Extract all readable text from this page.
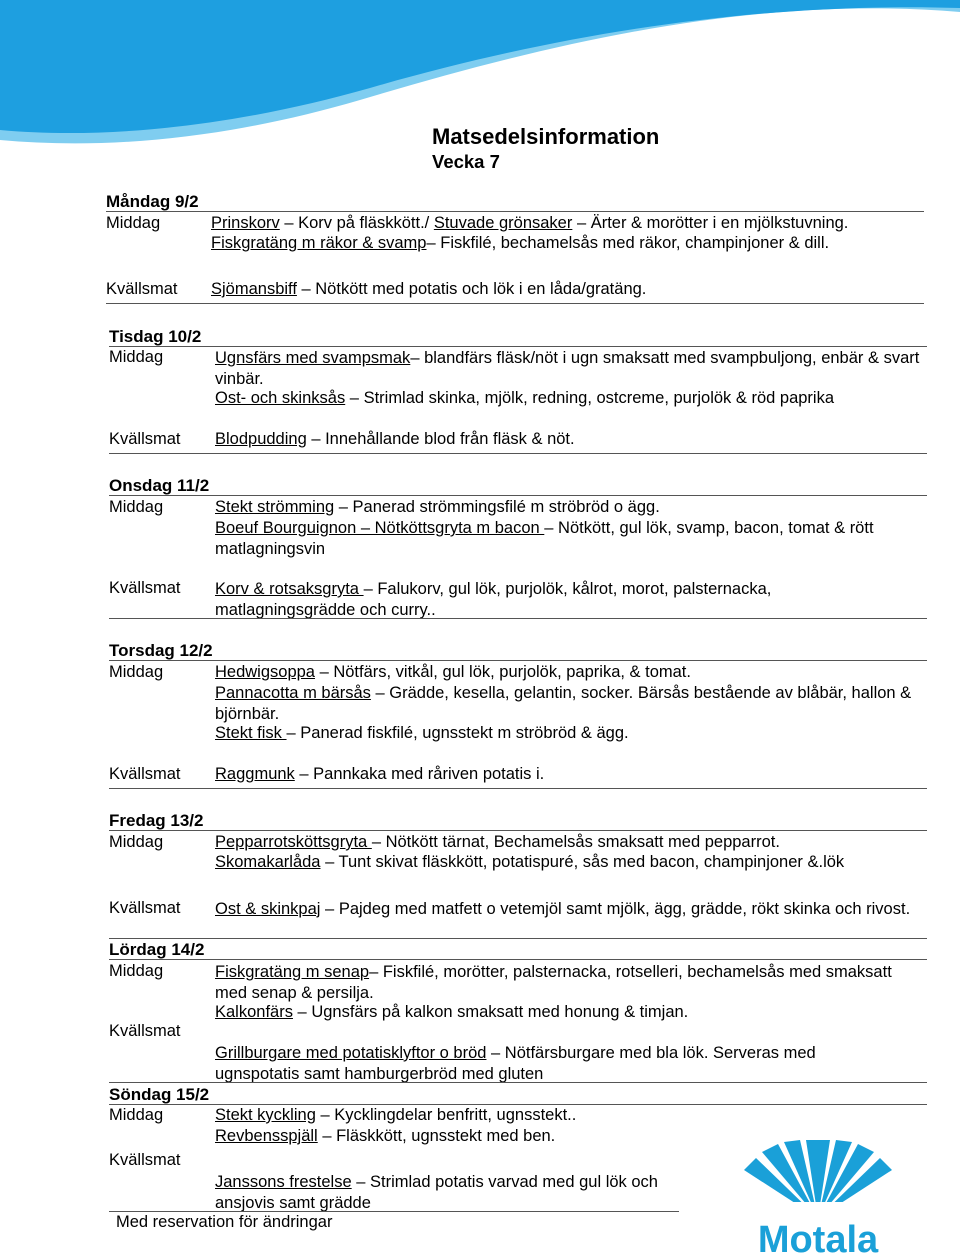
Matsedelsinformation
Vecka 7
Måndag 9/2
Middag	Prinskorv – Korv på fläskkött./ Stuvade grönsaker – Ärter & morötter i en mjölkstuvning.
Fiskgratäng m räkor & svamp– Fiskfilé, bechamelsås med räkor, champinjoner & dill.
Kvällsmat Sjömansbiff – Nötkött med potatis och lök i en låda/gratäng.
Tisdag 10/2
Middag	Ugnsfärs med svampsmak– blandfärs fläsk/nöt i ugn smaksatt med svampbuljong, enbär & svart vinbär.
Ost- och skinksås – Strimlad skinka, mjölk, redning, ostcreme, purjolök & röd paprika
Kvällsmat Blodpudding – Innehållande blod från fläsk & nöt.
Onsdag 11/2
Middag	Stekt strömming – Panerad strömmingsfilé m ströbröd o ägg.
Boeuf Bourguignon – Nötköttsgryta m bacon – Nötkött, gul lök, svamp, bacon, tomat & rött matlagningsvin
Kvällsmat Korv & rotsaksgryta – Falukorv, gul lök, purjolök, kålrot, morot, palsternacka, matlagningsgrädde och curry..
Torsdag 12/2
Middag	Hedwigsoppa – Nötfärs, vitkål, gul lök, purjolök, paprika, & tomat.
Pannacotta m bärsås – Grädde, kesella, gelantin, socker. Bärsås bestående av blåbär, hallon & björnbär.
Stekt fisk – Panerad fiskfilé, ugnsstekt m ströbröd & ägg.
Kvällsmat Raggmunk – Pannkaka med råriven potatis i.
Fredag 13/2
Middag	Pepparrotsköttsgryta – Nötkött tärnat, Bechamelsås smaksatt med pepparrot.
Skomakarlåda – Tunt skivat fläskkött, potatispuré, sås med bacon, champinjoner &.lök
Kvällsmat Ost & skinkpaj – Pajdeg med matfett o vetemjöl samt mjölk, ägg, grädde, rökt skinka och rivost.
Lördag 14/2
Middag	Fiskgratäng m senap– Fiskfilé, morötter, palsternacka, rotselleri, bechamelsås med smaksatt med senap & persilja.
Kalkonfärs – Ugnsfärs på kalkon smaksatt med honung & timjan.
Kvällsmat
Grillburgare med potatisklyftor o bröd – Nötfärsburgare med bla lök. Serveras med ugnspotatis samt hamburgerbröd med gluten
Söndag 15/2
Middag	Stekt kyckling – Kycklingdelar benfritt, ugnsstekt..
Revbensspjäll – Fläskkött, ugnsstekt med ben.
Kvällsmat
Janssons frestelse – Strimlad potatis varvad med gul lök och ansjovis samt grädde
Med reservation för ändringar	Motala
